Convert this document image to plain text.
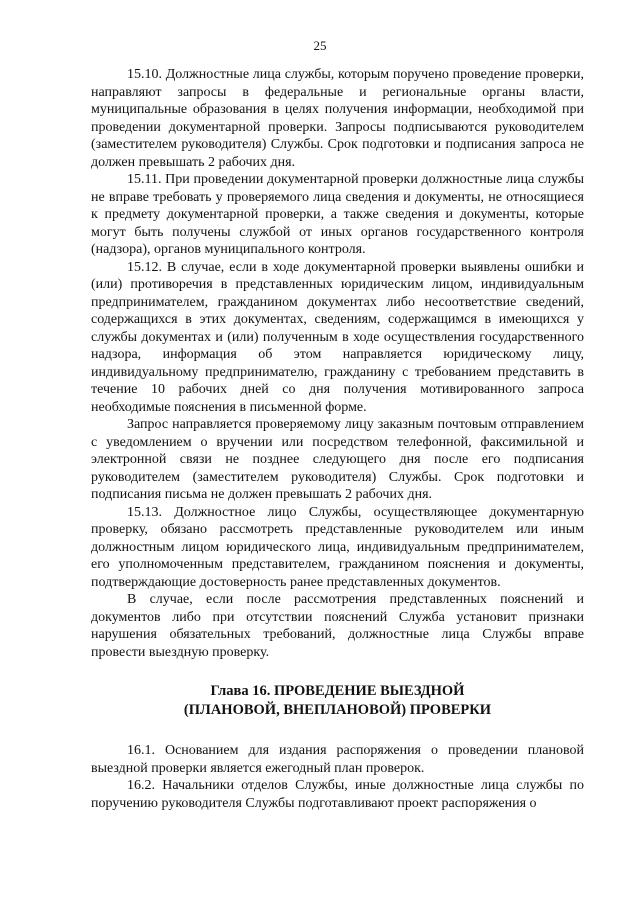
25

15.10. Должностные лица службы, которым поручено проведение проверки, направляют запросы в федеральные и региональные органы власти, муниципальные образования в целях получения информации, необходимой при проведении документарной проверки. Запросы подписываются руководителем (заместителем руководителя) Службы. Срок подготовки и подписания запроса не должен превышать 2 рабочих дня.

15.11. При проведении документарной проверки должностные лица службы не вправе требовать у проверяемого лица сведения и документы, не относящиеся к предмету документарной проверки, а также сведения и документы, которые могут быть получены службой от иных органов государственного контроля (надзора), органов муниципального контроля.

15.12. В случае, если в ходе документарной проверки выявлены ошибки и (или) противоречия в представленных юридическим лицом, индивидуальным предпринимателем, гражданином документах либо несоответствие сведений, содержащихся в этих документах, сведениям, содержащимся в имеющихся у службы документах и (или) полученным в ходе осуществления государственного надзора, информация об этом направляется юридическому лицу, индивидуальному предпринимателю, гражданину с требованием представить в течение 10 рабочих дней со дня получения мотивированного запроса необходимые пояснения в письменной форме.

Запрос направляется проверяемому лицу заказным почтовым отправлением с уведомлением о вручении или посредством телефонной, факсимильной и электронной связи не позднее следующего дня после его подписания руководителем (заместителем руководителя) Службы. Срок подготовки и подписания письма не должен превышать 2 рабочих дня.

15.13. Должностное лицо Службы, осуществляющее документарную проверку, обязано рассмотреть представленные руководителем или иным должностным лицом юридического лица, индивидуальным предпринимателем, его уполномоченным представителем, гражданином пояснения и документы, подтверждающие достоверность ранее представленных документов.

В случае, если после рассмотрения представленных пояснений и документов либо при отсутствии пояснений Служба установит признаки нарушения обязательных требований, должностные лица Службы вправе провести выездную проверку.

Глава 16. ПРОВЕДЕНИЕ ВЫЕЗДНОЙ
(ПЛАНОВОЙ, ВНЕПЛАНОВОЙ) ПРОВЕРКИ

16.1. Основанием для издания распоряжения о проведении плановой выездной проверки является ежегодный план проверок.

16.2. Начальники отделов Службы, иные должностные лица службы по поручению руководителя Службы подготавливают проект распоряжения о
